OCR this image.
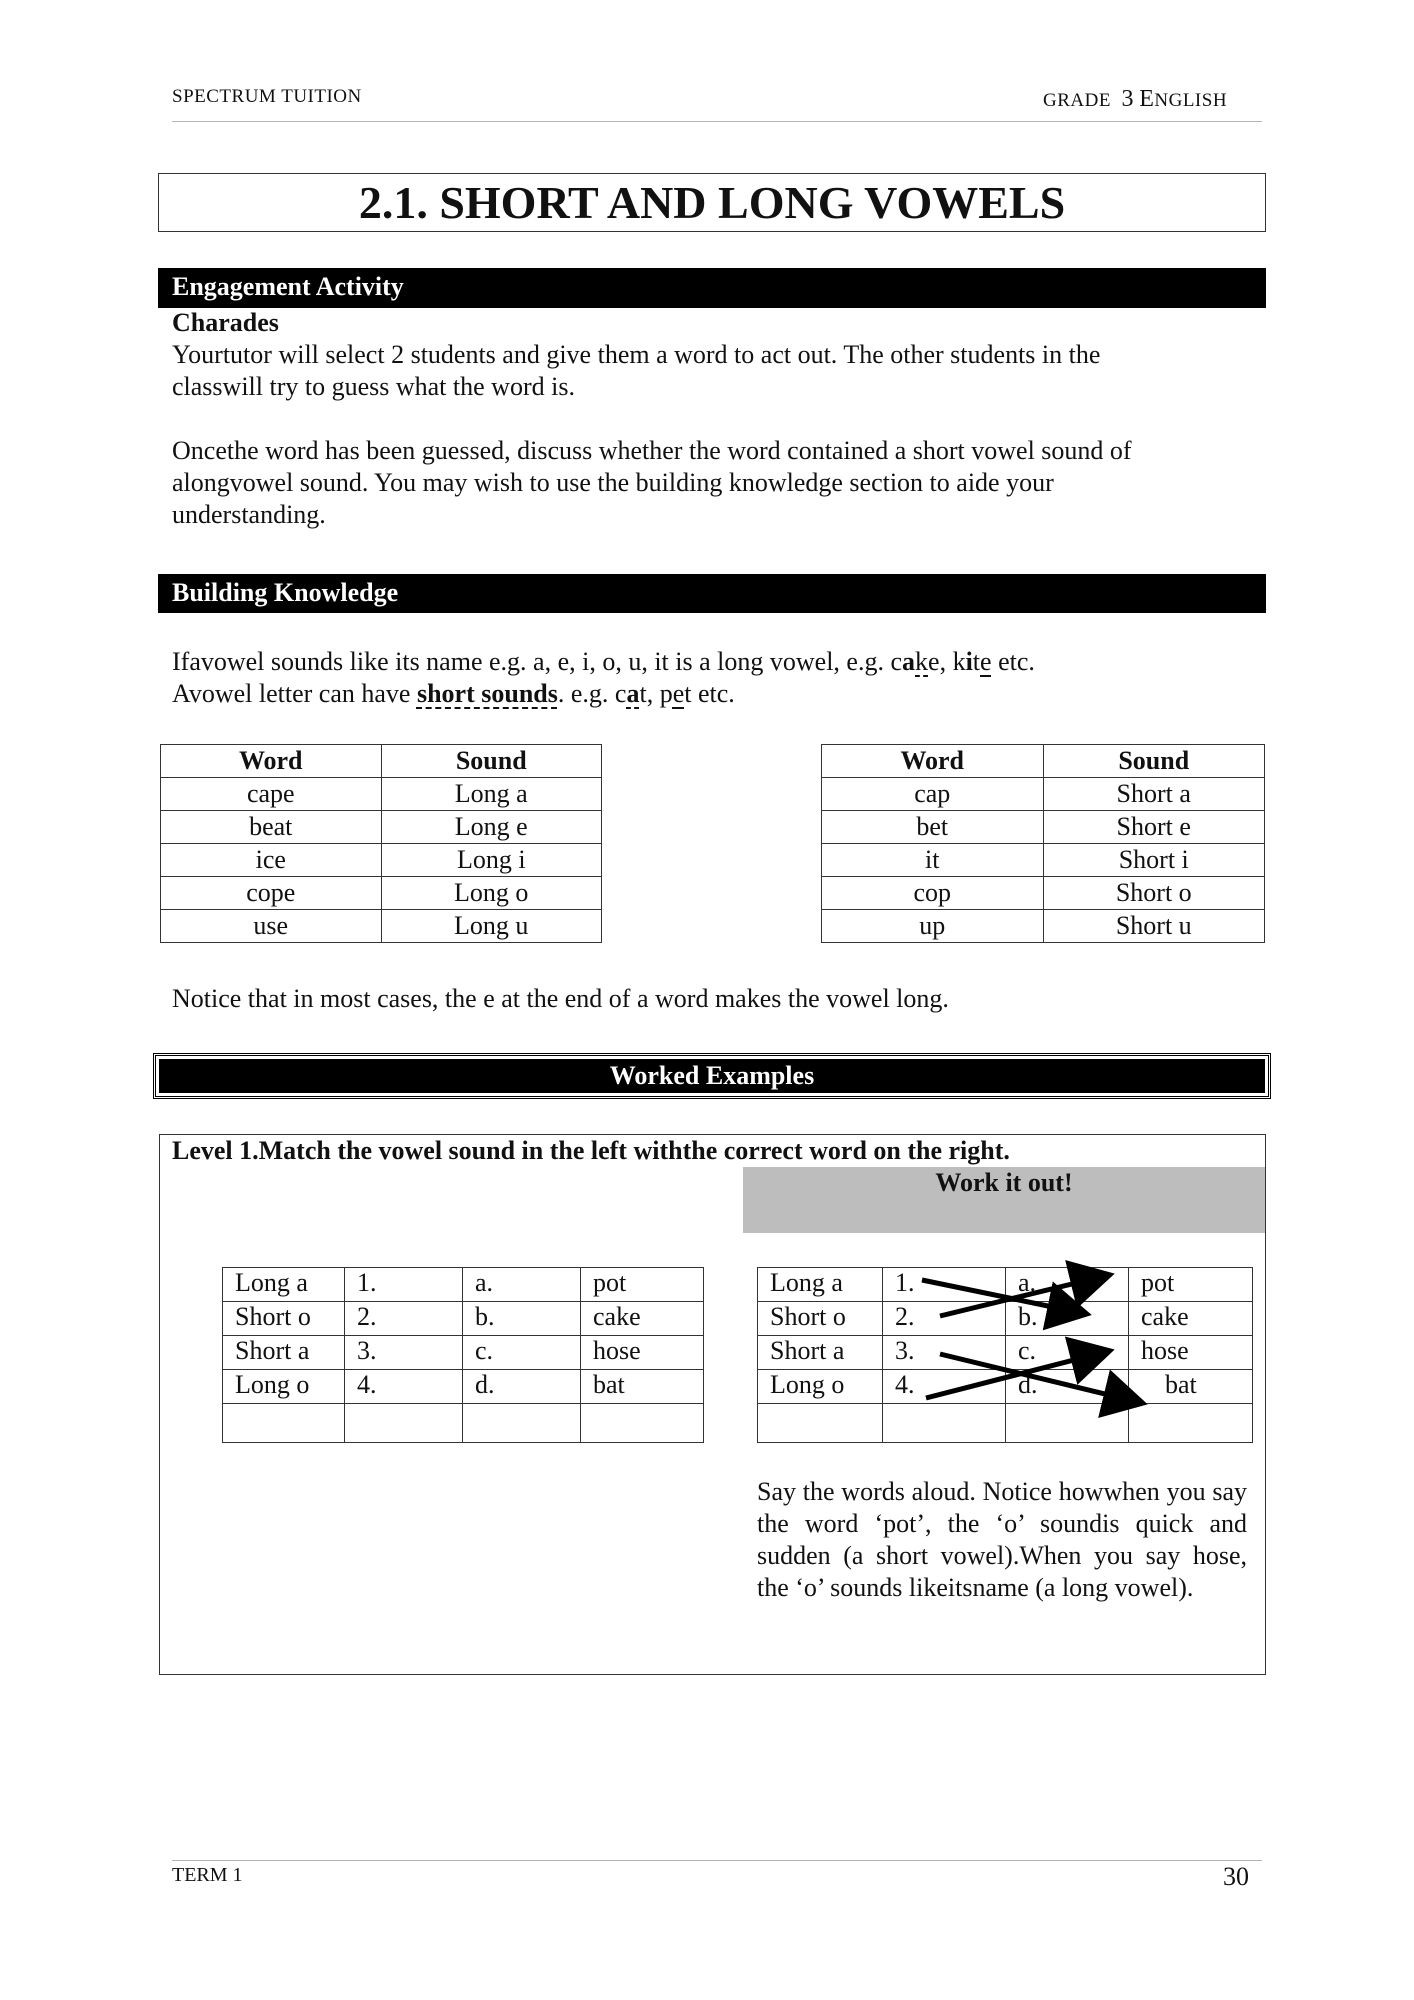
SPECTRUM TUITION	GRADE 3 ENGLISH
2.1. SHORT AND LONG VOWELS
Engagement Activity
Charades
Yourtutor will select 2 students and give them a word to act out. The other students in the
classwill try to guess what the word is.
Oncethe word has been guessed, discuss whether the word contained a short vowel sound of
alongvowel sound. You may wish to use the building knowledge section to aide your
understanding.
Building Knowledge
Ifavowel sounds like its name e.g. a, e, i, o, u, it is a long vowel, e.g. cake, kite etc.
Avowel letter can have short sounds. e.g. cat, pet etc.
Word	Sound
cape	Long a
beat	Long e
ice	Long i
cope	Long o
use	Long u
Word	Sound
cap	Short a
bet	Short e
it	Short i
cop	Short o
up	Short u
Notice that in most cases, the e at the end of a word makes the vowel long.
Worked Examples
Level 1.Match the vowel sound in the left withthe correct word on the right.
Work it out!
Long a	1.	a.	pot
Short o	2.	b.	cake
Short a	3.	c.	hose
Long o	4.	d.	bat

Long a	1.	a.	pot
Short o	2.	b.	cake
Short a	3.	c.	hose
Long o	4.	d.	bat

Say the words aloud. Notice howwhen you say the word ‘pot’, the ‘o’ soundis quick and sudden (a short vowel).When you say hose, the ‘o’ sounds likeitsname (a long vowel).
TERM 1	30
